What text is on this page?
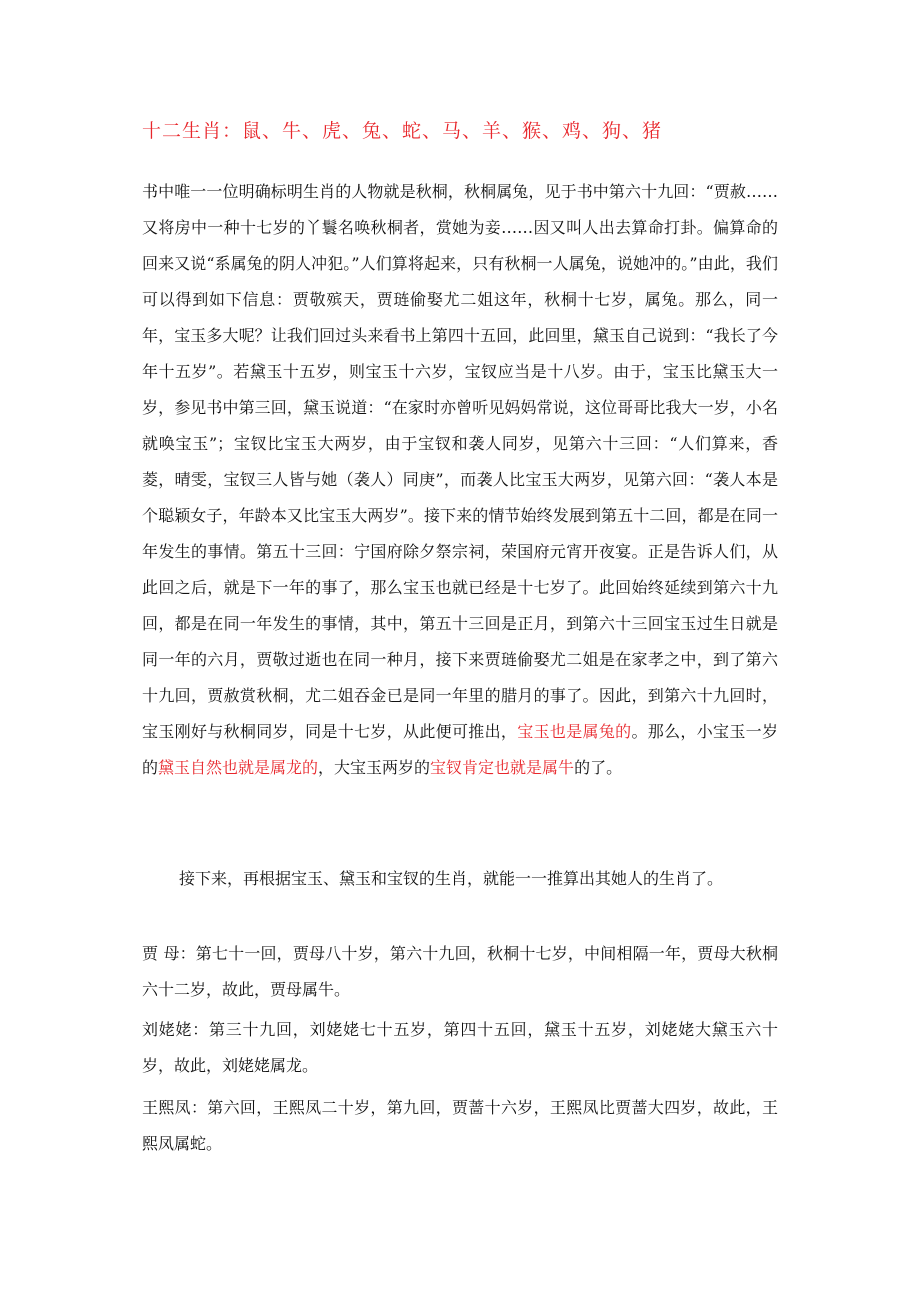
十二生肖：鼠、牛、虎、兔、蛇、马、羊、猴、鸡、狗、猪
书中唯一一位明确标明生肖的人物就是秋桐，秋桐属兔，见于书中第六十九回：“贾赦……又将房中一种十七岁的丫鬟名唤秋桐者，赏她为妾……因又叫人出去算命打卦。偏算命的回来又说“系属兔的阴人冲犯。”人们算将起来，只有秋桐一人属兔，说她冲的。”由此，我们可以得到如下信息：贾敬殡天，贾琏偷娶尤二姐这年，秋桐十七岁，属兔。那么，同一年，宝玉多大呢？让我们回过头来看书上第四十五回，此回里，黛玉自己说到：“我长了今年十五岁”。若黛玉十五岁，则宝玉十六岁，宝钗应当是十八岁。由于，宝玉比黛玉大一岁，参见书中第三回，黛玉说道：“在家时亦曾听见妈妈常说，这位哥哥比我大一岁，小名就唤宝玉”；宝钗比宝玉大两岁，由于宝钗和袭人同岁，见第六十三回：“人们算来，香菱，晴雯，宝钗三人皆与她（袭人）同庚”，而袭人比宝玉大两岁，见第六回：“袭人本是个聪颖女子，年龄本又比宝玉大两岁”。接下来的情节始终发展到第五十二回，都是在同一年发生的事情。第五十三回：宁国府除夕祭宗祠，荣国府元宵开夜宴。正是告诉人们，从此回之后，就是下一年的事了，那么宝玉也就已经是十七岁了。此回始终延续到第六十九回，都是在同一年发生的事情，其中，第五十三回是正月，到第六十三回宝玉过生日就是同一年的六月，贾敬过逝也在同一种月，接下来贾琏偷娶尤二姐是在家孝之中，到了第六十九回，贾赦赏秋桐，尤二姐吞金已是同一年里的腊月的事了。因此，到第六十九回时，宝玉刚好与秋桐同岁，同是十七岁，从此便可推出，宝玉也是属兔的。那么，小宝玉一岁的黛玉自然也就是属龙的，大宝玉两岁的宝钗肯定也就是属牛的了。
接下来，再根据宝玉、黛玉和宝钗的生肖，就能一一推算出其她人的生肖了。
贾 母：第七十一回，贾母八十岁，第六十九回，秋桐十七岁，中间相隔一年，贾母大秋桐六十二岁，故此，贾母属牛。
刘姥姥：第三十九回，刘姥姥七十五岁，第四十五回，黛玉十五岁，刘姥姥大黛玉六十岁，故此，刘姥姥属龙。
王熙凤：第六回，王熙凤二十岁，第九回，贾蔷十六岁，王熙凤比贾蔷大四岁，故此，王熙凤属蛇。
